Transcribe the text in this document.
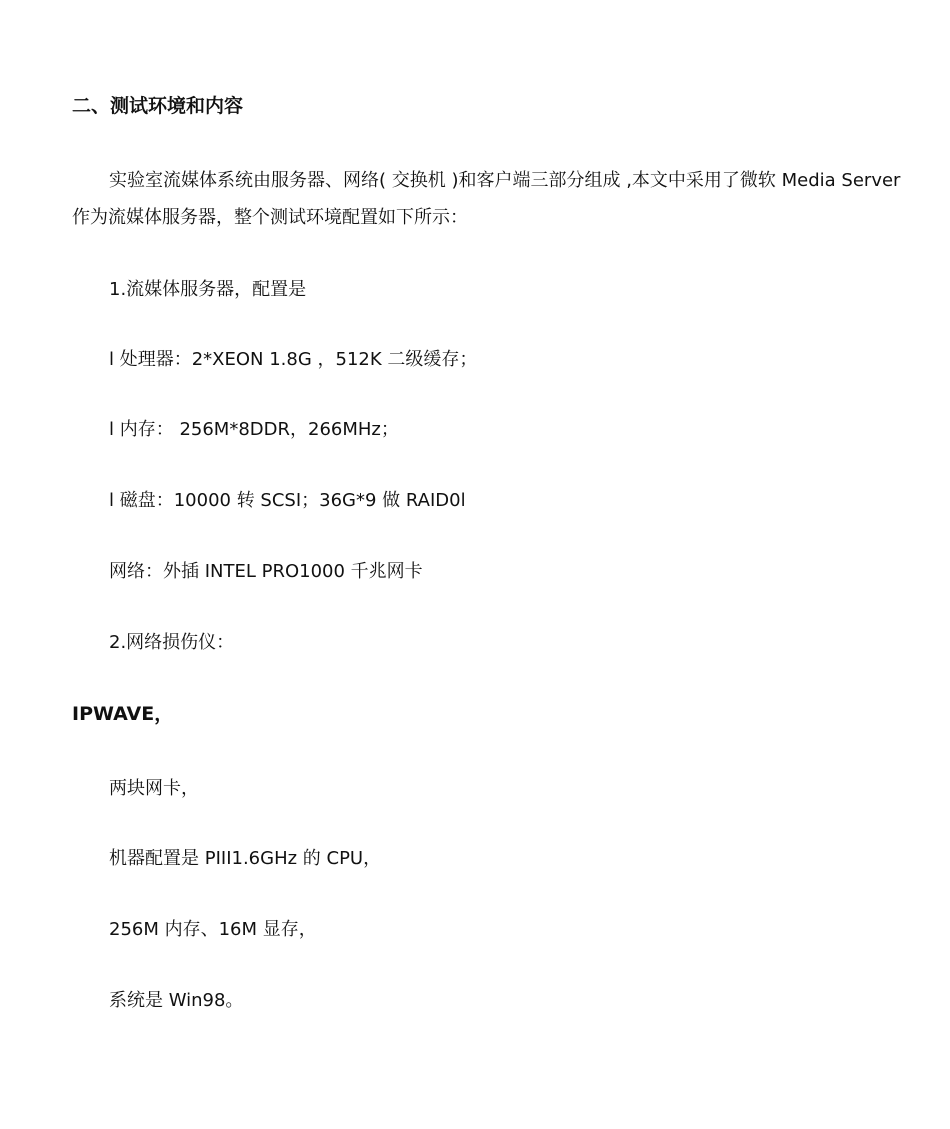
二、测试环境和内容
实验室流媒体系统由服务器、网络( 交换机 )和客户端三部分组成 ,本文中采用了微软 Media Server
作为流媒体服务器，整个测试环境配置如下所示：
1.流媒体服务器，配置是
l 处理器：2*XEON 1.8G ，512K 二级缓存；
l 内存： 256M*8DDR，266MHz；
l 磁盘：10000 转 SCSI；36G*9 做 RAID0l
网络：外插 INTEL PRO1000 千兆网卡
2.网络损伤仪：
IPWAVE，
两块网卡，
机器配置是 PIII1.6GHz 的 CPU，
256M 内存、16M 显存，
系统是 Win98。
